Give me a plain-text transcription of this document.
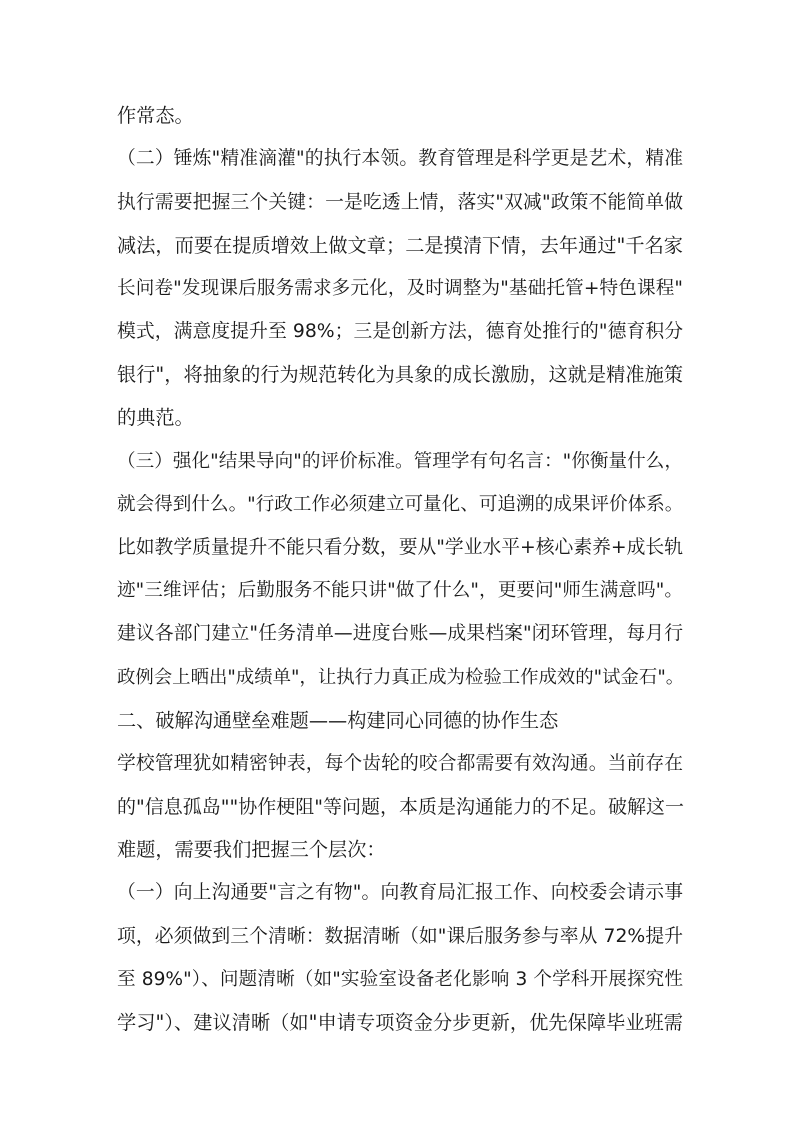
作常态。
（二）锤炼"精准滴灌"的执行本领。教育管理是科学更是艺术，精准
执行需要把握三个关键：一是吃透上情，落实"双减"政策不能简单做
减法，而要在提质增效上做文章；二是摸清下情，去年通过"千名家
长问卷"发现课后服务需求多元化，及时调整为"基础托管+特色课程"
模式，满意度提升至 98%；三是创新方法，德育处推行的"德育积分
银行"，将抽象的行为规范转化为具象的成长激励，这就是精准施策
的典范。
（三）强化"结果导向"的评价标准。管理学有句名言："你衡量什么，
就会得到什么。"行政工作必须建立可量化、可追溯的成果评价体系。
比如教学质量提升不能只看分数，要从"学业水平+核心素养+成长轨
迹"三维评估；后勤服务不能只讲"做了什么"，更要问"师生满意吗"。
建议各部门建立"任务清单—进度台账—成果档案"闭环管理，每月行
政例会上晒出"成绩单"，让执行力真正成为检验工作成效的"试金石"。
二、破解沟通壁垒难题——构建同心同德的协作生态
学校管理犹如精密钟表，每个齿轮的咬合都需要有效沟通。当前存在
的"信息孤岛""协作梗阻"等问题，本质是沟通能力的不足。破解这一
难题，需要我们把握三个层次：
（一）向上沟通要"言之有物"。向教育局汇报工作、向校委会请示事
项，必须做到三个清晰：数据清晰（如"课后服务参与率从 72%提升
至 89%"）、问题清晰（如"实验室设备老化影响 3 个学科开展探究性
学习"）、建议清晰（如"申请专项资金分步更新，优先保障毕业班需
